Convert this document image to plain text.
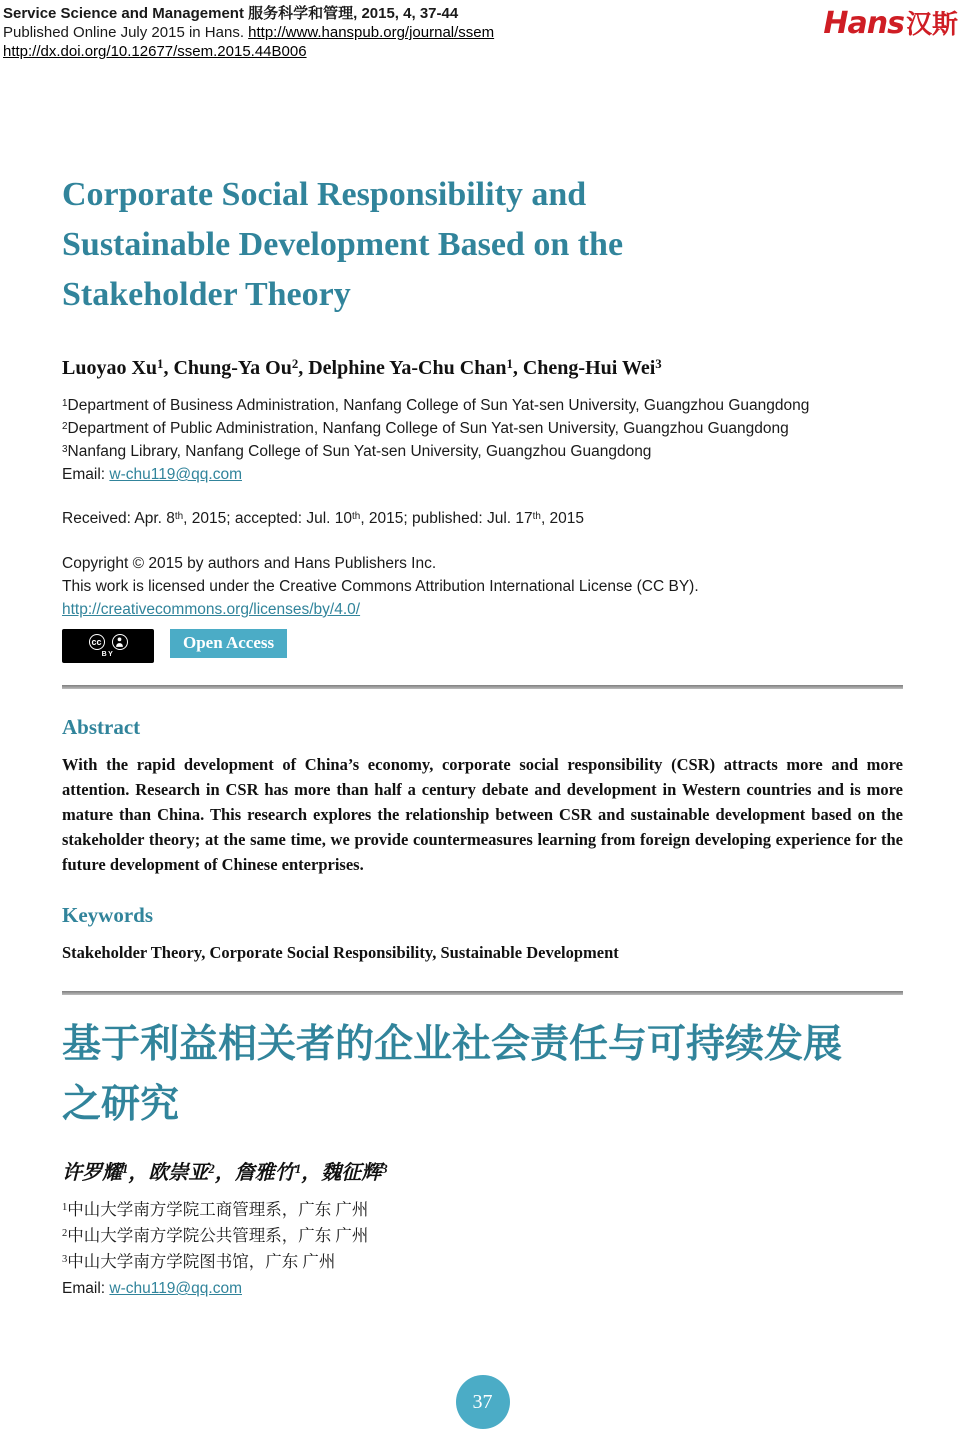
Service Science and Management 服务科学和管理, 2015, 4, 37-44
Published Online July 2015 in Hans. http://www.hanspub.org/journal/ssem
http://dx.doi.org/10.12677/ssem.2015.44B006
Hans汉斯
Corporate Social Responsibility and
Sustainable Development Based on the
Stakeholder Theory

Luoyao Xu$^1$, Chung-Ya Ou$^2$, Delphine Ya-Chu Chan$^1$, Cheng-Hui Wei$^3$

$^1$Department of Business Administration, Nanfang College of Sun Yat-sen University, Guangzhou Guangdong
$^2$Department of Public Administration, Nanfang College of Sun Yat-sen University, Guangzhou Guangdong
$^3$Nanfang Library, Nanfang College of Sun Yat-sen University, Guangzhou Guangdong
Email: w-chu119@qq.com

Received: Apr. 8th, 2015; accepted: Jul. 10th, 2015; published: Jul. 17th, 2015

Copyright © 2015 by authors and Hans Publishers Inc.
This work is licensed under the Creative Commons Attribution International License (CC BY).
http://creativecommons.org/licenses/by/4.0/
cc
BY
Open Access
Abstract

With the rapid development of China’s economy, corporate social responsibility (CSR) attracts more and more attention. Research in CSR has more than half a century debate and development in Western countries and is more mature than China. This research explores the relationship between CSR and sustainable development based on the stakeholder theory; at the same time, we provide countermeasures learning from foreign developing experience for the future development of Chinese enterprises.

Keywords

Stakeholder Theory, Corporate Social Responsibility, Sustainable Development

基于利益相关者的企业社会责任与可持续发展
之研究

许罗耀$^1$，欧崇亚$^2$，詹雅竹$^1$，魏征辉$^3$

$^1$中山大学南方学院工商管理系，广东 广州
$^2$中山大学南方学院公共管理系，广东 广州
$^3$中山大学南方学院图书馆，广东 广州
Email: w-chu119@qq.com
37
